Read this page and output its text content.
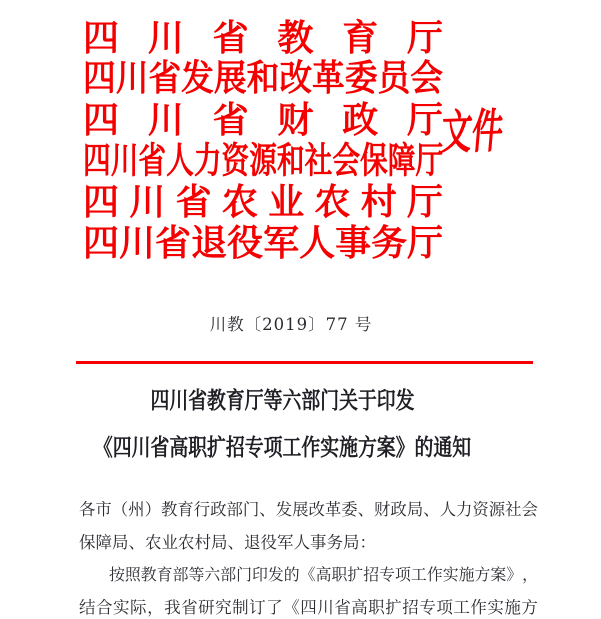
四 川 省 教 育 厅
四 川 省 发 展 和 改 革 委 员 会
四 川 省 财 政 厅
四 川 省 人 力 资 源 和 社 会 保 障 厅
四 川 省 农 业 农 村 厅
四 川 省 退 役 军 人 事 务 厅
文件
川教〔2019〕77 号
四川省教育厅等六部门关于印发
《四川省高职扩招专项工作实施方案》的通知
各 市 （ 州 ） 教 育 行 政 部 门 、 发 展 改 革 委 、 财 政 局 、 人 力 资 源 社 会
保障局、农业农村局、退役军人事务局：
按 照 教 育 部 等 六 部 门 印 发 的 《 高 职 扩 招 专 项 工 作 实 施 方 案 》 ，
结 合 实 际 ， 我 省 研 究 制 订 了 《 四 川 省 高 职 扩 招 专 项 工 作 实 施 方
